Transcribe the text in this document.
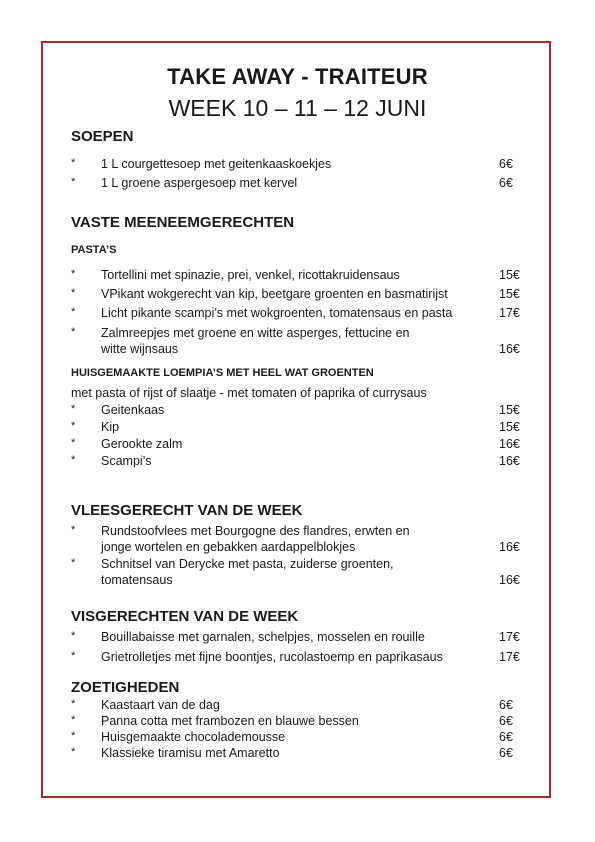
TAKE AWAY - TRAITEUR
WEEK 10 – 11 – 12 JUNI
SOEPEN
* 1 L courgettesoep met geitenkaaskoekjes	6€
* 1 L groene aspergesoep met kervel	6€
VASTE MEENEEMGERECHTEN
PASTA’S
* Tortellini met spinazie, prei, venkel, ricottakruidensaus	15€
* VPikant wokgerecht van kip, beetgare groenten en basmatirijst	15€
* Licht pikante scampi’s met wokgroenten, tomatensaus en pasta	17€
* Zalmreepjes met groene en witte asperges, fettucine en
witte wijnsaus	16€
HUISGEMAAKTE LOEMPIA’S MET HEEL WAT GROENTEN
met pasta of rijst of slaatje - met tomaten of paprika of currysaus
* Geitenkaas	15€
* Kip	15€
* Gerookte zalm	16€
* Scampi’s	16€
VLEESGERECHT VAN DE WEEK
* Rundstoofvlees met Bourgogne des flandres, erwten en
jonge wortelen en gebakken aardappelblokjes	16€
* Schnitsel van Derycke met pasta, zuiderse groenten,
tomatensaus	16€
VISGERECHTEN VAN DE WEEK
* Bouillabaisse met garnalen, schelpjes, mosselen en rouille	17€
* Grietrolletjes met fijne boontjes, rucolastoemp en paprikasaus	17€
ZOETIGHEDEN
* Kaastaart van de dag	6€
* Panna cotta met frambozen en blauwe bessen	6€
* Huisgemaakte chocolademousse	6€
* Klassieke tiramisu met Amaretto	6€
